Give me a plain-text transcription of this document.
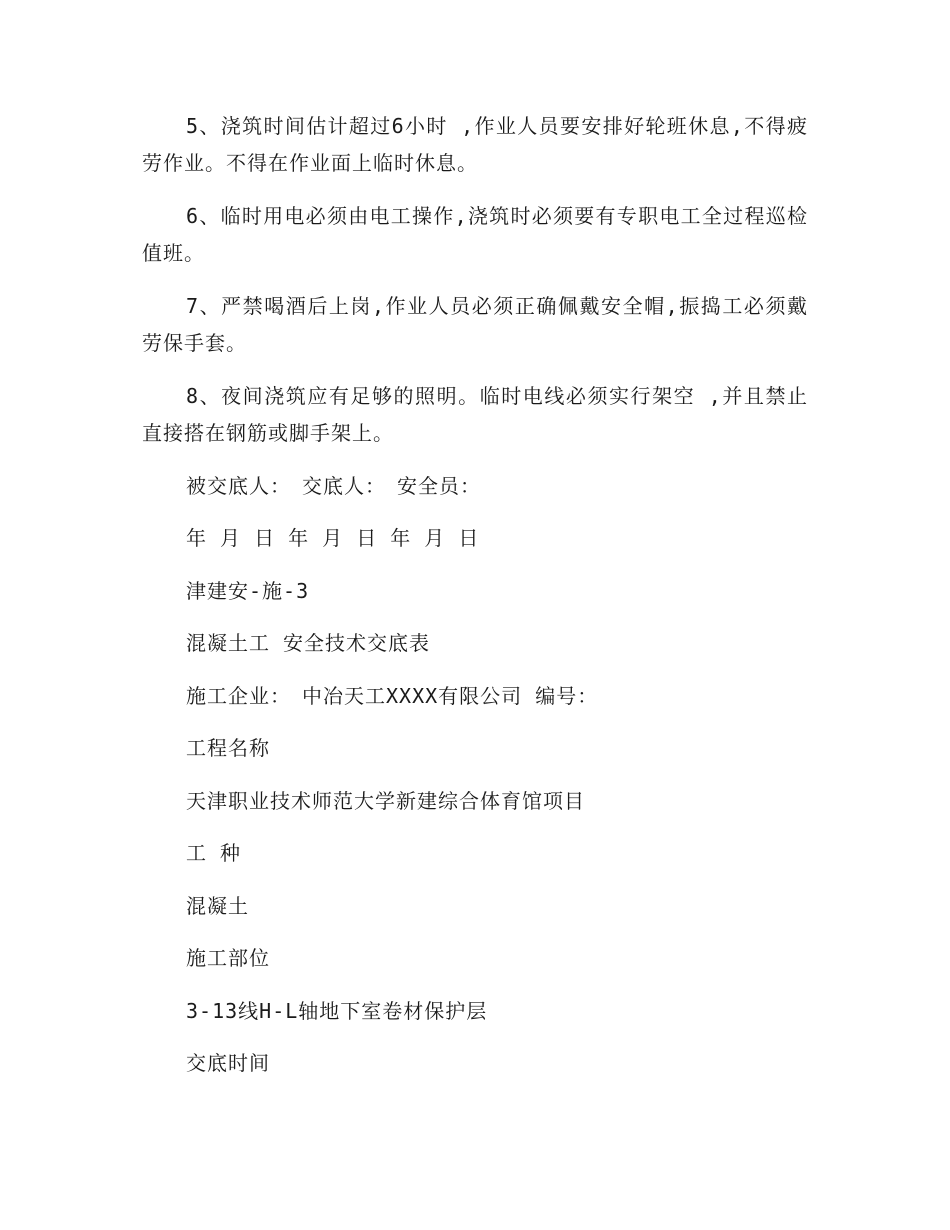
5、浇筑时间估计超过6小时 ,作业人员要安排好轮班休息,不得疲劳作业。不得在作业面上临时休息。

6、临时用电必须由电工操作,浇筑时必须要有专职电工全过程巡检值班。

7、严禁喝酒后上岗,作业人员必须正确佩戴安全帽,振捣工必须戴劳保手套。

8、夜间浇筑应有足够的照明。临时电线必须实行架空 ,并且禁止直接搭在钢筋或脚手架上。

被交底人：　交底人：　安全员：

年 月 日 年 月 日 年 月 日

津建安-施-3

混凝土工 安全技术交底表

施工企业：　中冶天工XXXX有限公司 编号：

工程名称

天津职业技术师范大学新建综合体育馆项目

工 种

混凝土

施工部位

3-13线H-L轴地下室卷材保护层

交底时间
